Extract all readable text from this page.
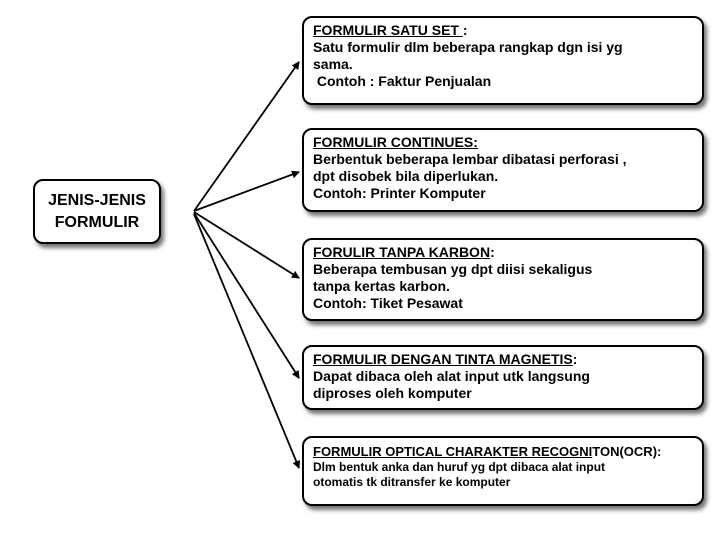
JENIS-JENIS
FORMULIR
FORMULIR SATU SET :
Satu formulir dlm beberapa rangkap dgn isi yg
sama.
Contoh : Faktur Penjualan
FORMULIR CONTINUES:
Berbentuk beberapa lembar dibatasi perforasi ,
dpt disobek bila diperlukan.
Contoh: Printer Komputer
FORULIR TANPA KARBON:
Beberapa tembusan yg dpt diisi sekaligus
tanpa kertas karbon.
Contoh: Tiket Pesawat
FORMULIR DENGAN TINTA MAGNETIS:
Dapat dibaca oleh alat input utk langsung
diproses oleh komputer
FORMULIR OPTICAL CHARAKTER RECOGNITON(OCR):
Dlm bentuk anka dan huruf yg dpt dibaca alat input
otomatis tk ditransfer ke komputer
